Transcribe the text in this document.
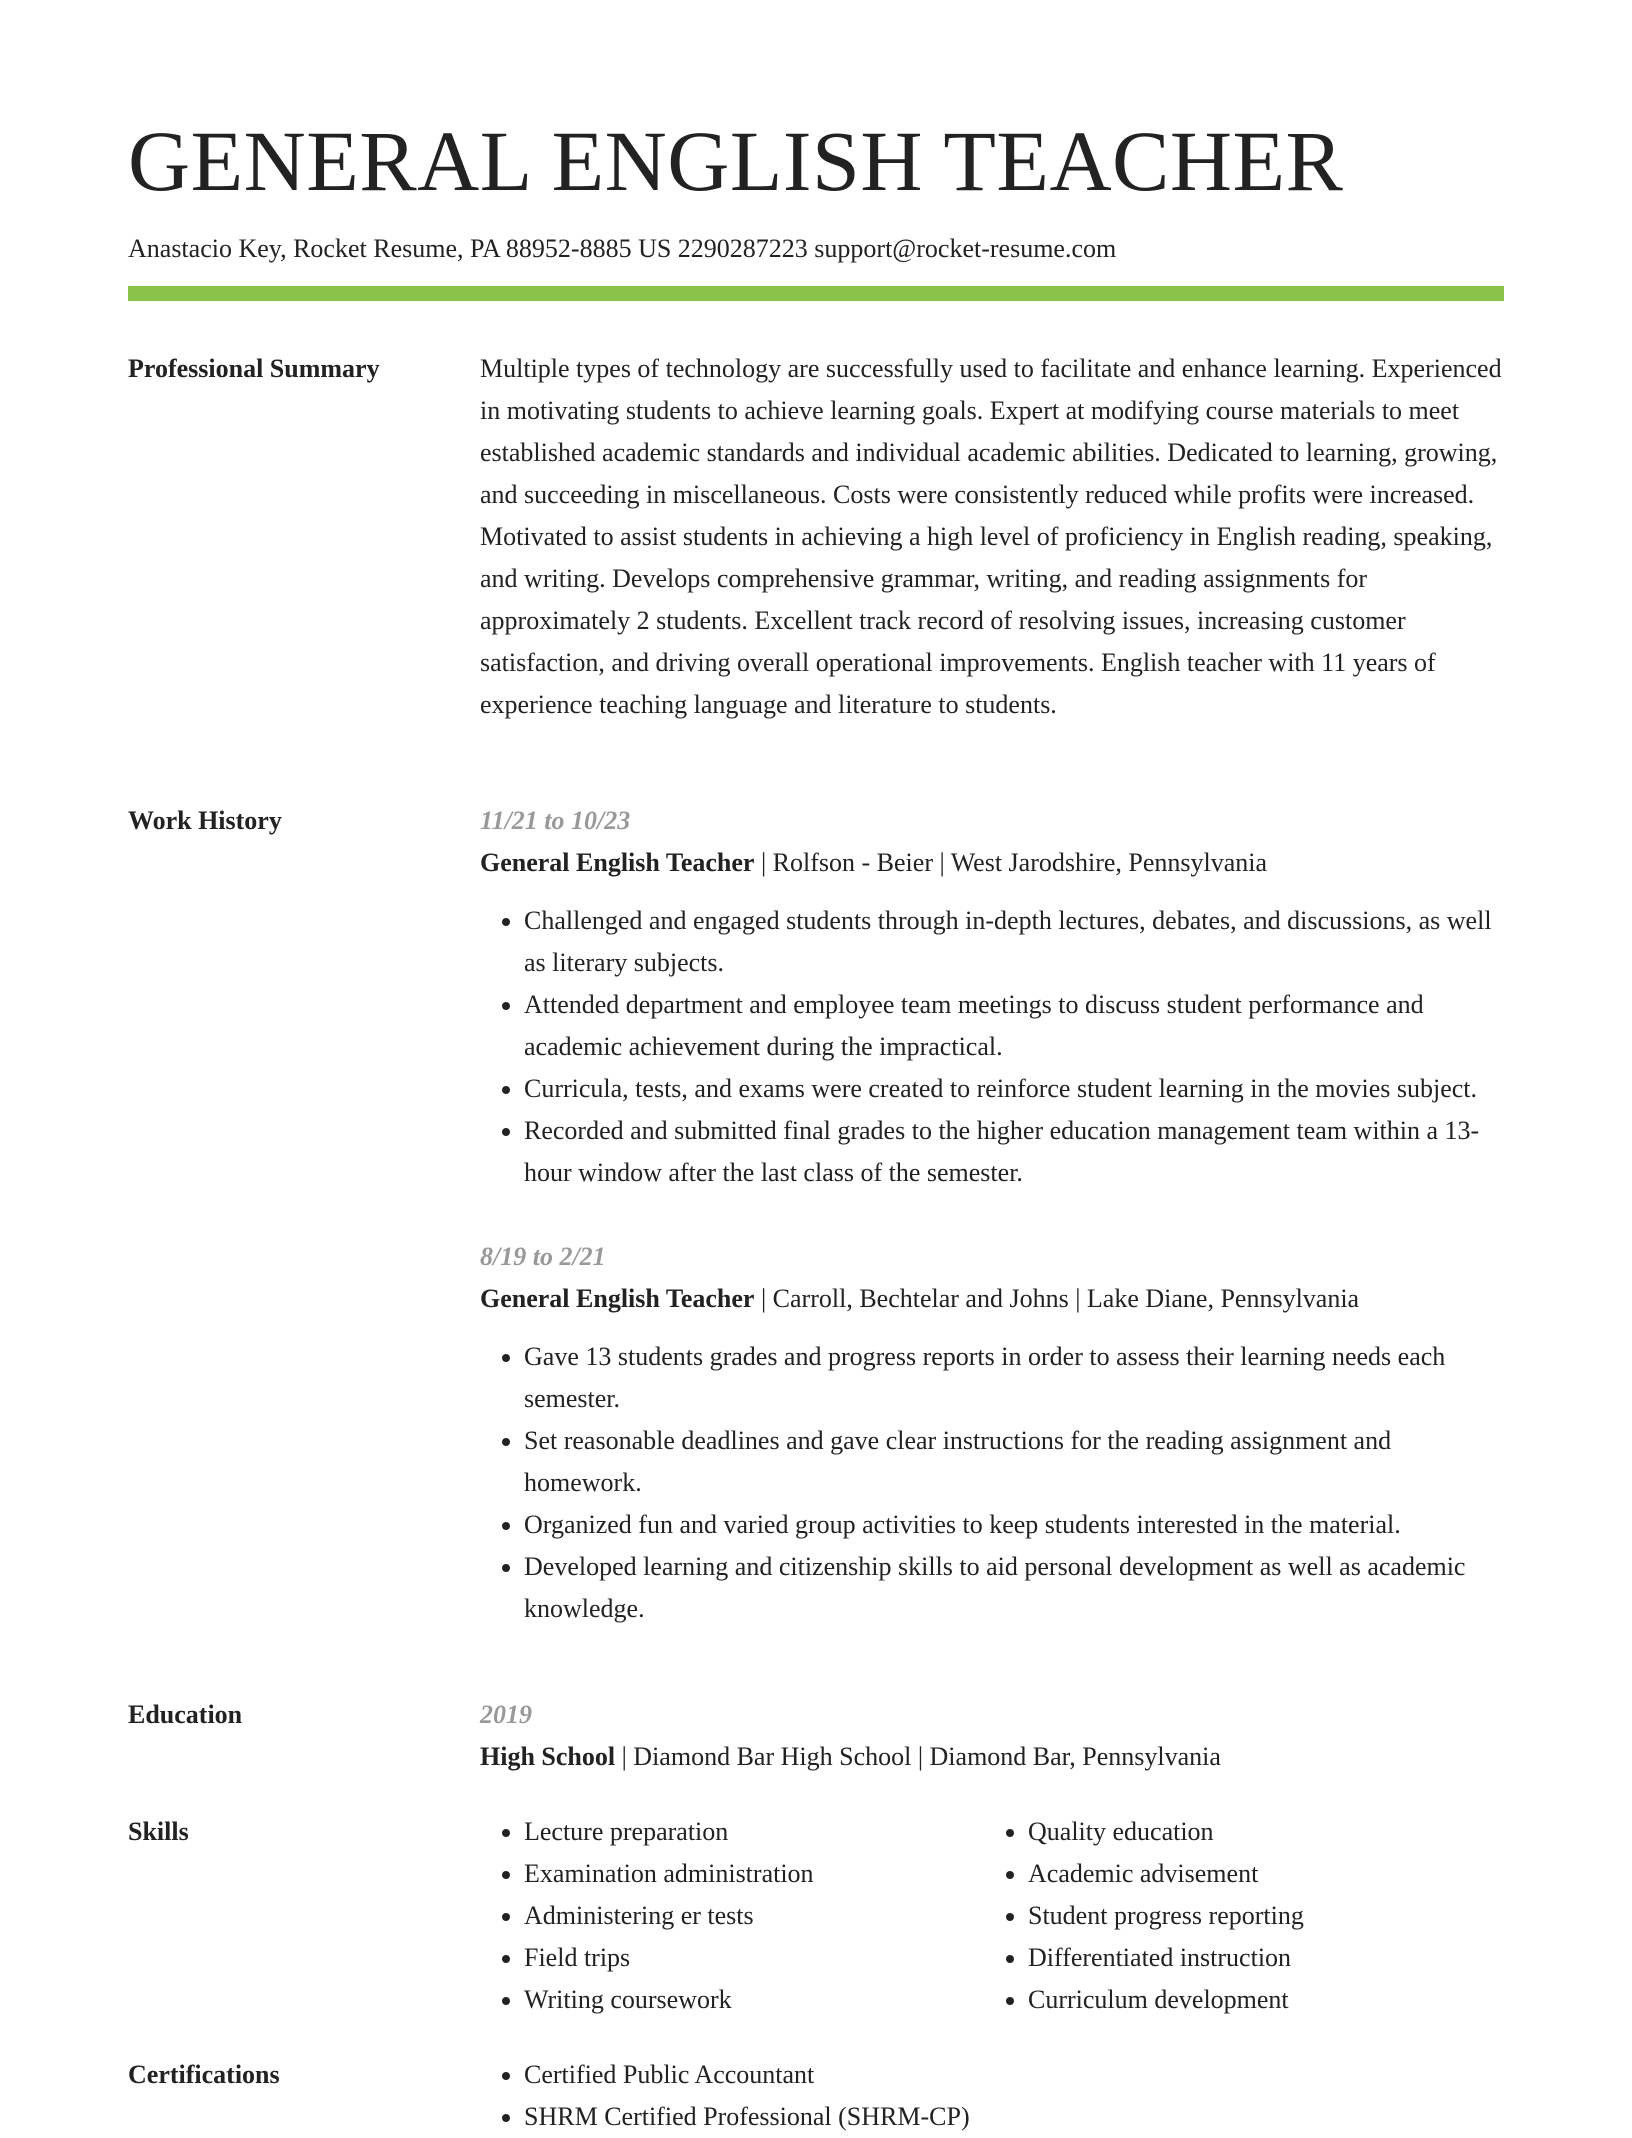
GENERAL ENGLISH TEACHER
Anastacio Key, Rocket Resume, PA 88952-8885 US 2290287223 support@rocket-resume.com
Professional Summary	Multiple types of technology are successfully used to facilitate and enhance learning. Experienced in motivating students to achieve learning goals. Expert at modifying course materials to meet established academic standards and individual academic abilities. Dedicated to learning, growing, and succeeding in miscellaneous. Costs were consistently reduced while profits were increased. Motivated to assist students in achieving a high level of proficiency in English reading, speaking, and writing. Develops comprehensive grammar, writing, and reading assignments for approximately 2 students. Excellent track record of resolving issues, increasing customer satisfaction, and driving overall operational improvements. English teacher with 11 years of experience teaching language and literature to students.

Work History	11/21 to 10/23
General English Teacher | Rolfson - Beier | West Jarodshire, Pennsylvania
• Challenged and engaged students through in-depth lectures, debates, and discussions, as well as literary subjects.
• Attended department and employee team meetings to discuss student performance and academic achievement during the impractical.
• Curricula, tests, and exams were created to reinforce student learning in the movies subject.
• Recorded and submitted final grades to the higher education management team within a 13-hour window after the last class of the semester.
8/19 to 2/21
General English Teacher | Carroll, Bechtelar and Johns | Lake Diane, Pennsylvania
• Gave 13 students grades and progress reports in order to assess their learning needs each semester.
• Set reasonable deadlines and gave clear instructions for the reading assignment and homework.
• Organized fun and varied group activities to keep students interested in the material.
• Developed learning and citizenship skills to aid personal development as well as academic knowledge.
Education	2019
High School | Diamond Bar High School | Diamond Bar, Pennsylvania
Skills	• Lecture preparation
• Examination administration
• Administering er tests
• Field trips
• Writing coursework
• Quality education
• Academic advisement
• Student progress reporting
• Differentiated instruction
• Curriculum development
Certifications	• Certified Public Accountant
• SHRM Certified Professional (SHRM-CP)
